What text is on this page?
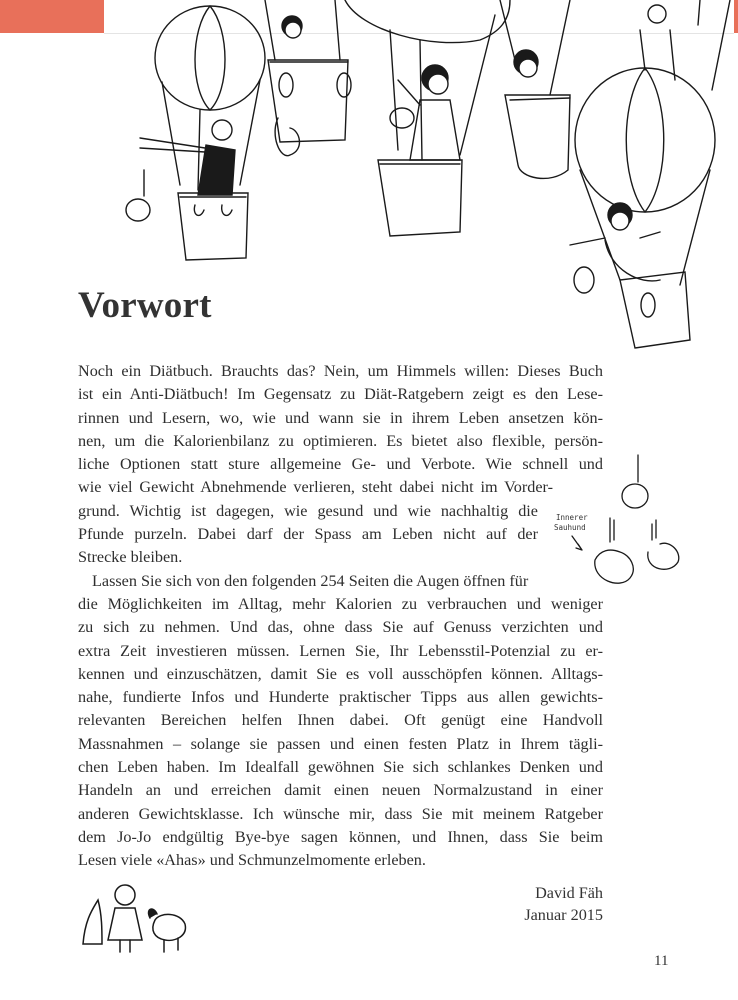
Innerer
Sauhund
Vorwort
Noch ein Diätbuch. Brauchts das? Nein, um Himmels willen: Dieses Buch
ist ein Anti-Diätbuch! Im Gegensatz zu Diät-Ratgebern zeigt es den Lese-
rinnen und Lesern, wo, wie und wann sie in ihrem Leben ansetzen kön-
nen, um die Kalorienbilanz zu optimieren. Es bietet also flexible, persön-
liche Optionen statt sture allgemeine Ge- und Verbote. Wie schnell und
wie viel Gewicht Abnehmende verlieren, steht dabei nicht im Vorder-
grund. Wichtig ist dagegen, wie gesund und wie nachhaltig die
Pfunde purzeln. Dabei darf der Spass am Leben nicht auf der
Strecke bleiben.
Lassen Sie sich von den folgenden 254 Seiten die Augen öffnen für
die Möglichkeiten im Alltag, mehr Kalorien zu verbrauchen und weniger
zu sich zu nehmen. Und das, ohne dass Sie auf Genuss verzichten und
extra Zeit investieren müssen. Lernen Sie, Ihr Lebensstil-Potenzial zu er-
kennen und einzuschätzen, damit Sie es voll ausschöpfen können. Alltags-
nahe, fundierte Infos und Hunderte praktischer Tipps aus allen gewichts-
relevanten Bereichen helfen Ihnen dabei. Oft genügt eine Handvoll
Massnahmen – solange sie passen und einen festen Platz in Ihrem tägli-
chen Leben haben. Im Idealfall gewöhnen Sie sich schlankes Denken und
Handeln an und erreichen damit einen neuen Normalzustand in einer
anderen Gewichtsklasse. Ich wünsche mir, dass Sie mit meinem Ratgeber
dem Jo-Jo endgültig Bye-bye sagen können, und Ihnen, dass Sie beim
Lesen viele «Ahas» und Schmunzelmomente erleben.
David Fäh
Januar 2015
11
